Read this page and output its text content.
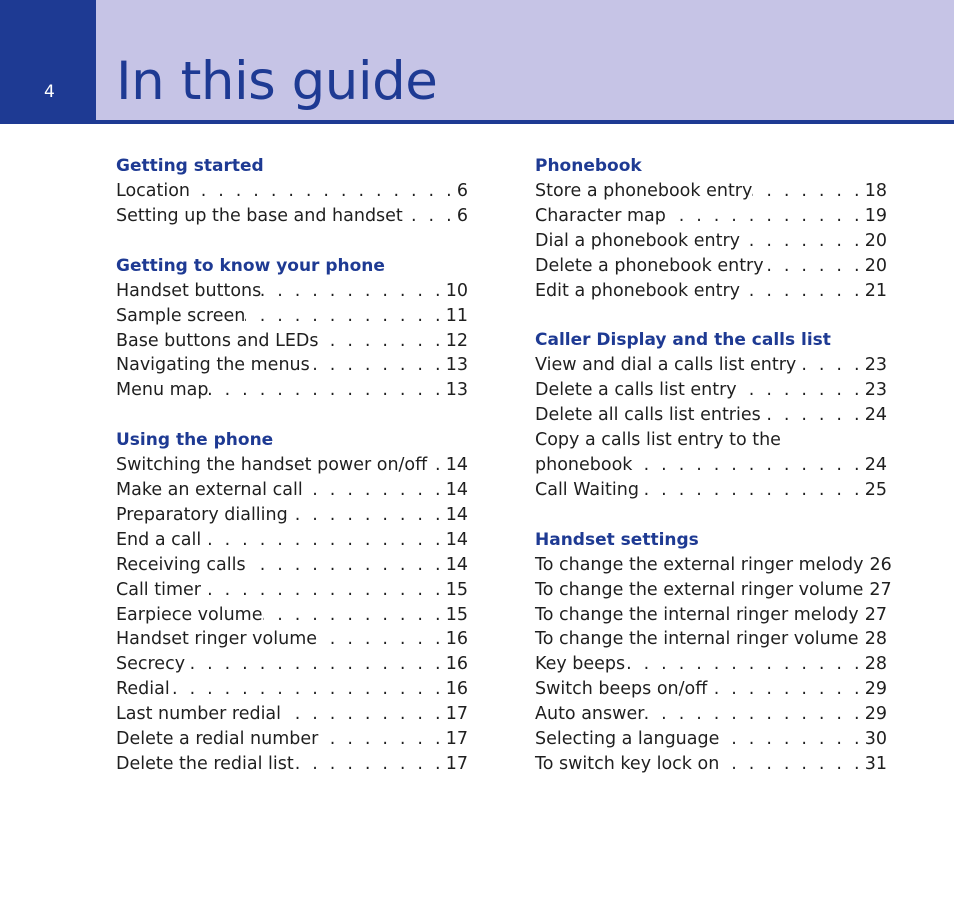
4 In this guide
Getting started
Location . . .	6
Setting up the base and handset . . .	6
Getting to know your phone
Handset buttons . . .	10
Sample screen . . .	11
Base buttons and LEDs . . .	12
Navigating the menus . . .	13
Menu map . . .	13
Using the phone
Switching the handset power on/off . . . 14
Make an external call . . .	14
Preparatory dialling . . .	14
End a call . . .	14
Receiving calls . . .	14
Call timer . . .	15
Earpiece volume . . .	15
Handset ringer volume . . .	16
Secrecy . . .	16
Redial . . .	16
Last number redial . . .	17
Delete a redial number . . .	17
Delete the redial list . . .	17
Phonebook
Store a phonebook entry . . .	18
Character map . . .	19
Dial a phonebook entry . . .	20
Delete a phonebook entry . . .	20
Edit a phonebook entry . . .	21
Caller Display and the calls list
View and dial a calls list entry . . .	23
Delete a calls list entry . . .	23
Delete all calls list entries . . .	24
Copy a calls list entry to the
phonebook . . .	24
Call Waiting . . .	25
Handset settings
To change the external ringer melody . . . 26
To change the external ringer volume . . . 27
To change the internal ringer melody . . . 27
To change the internal ringer volume . . . 28
Key beeps . . .	28
Switch beeps on/off . . .	29
Auto answer . . .	29
Selecting a language . . .	30
To switch key lock on . . .	31
